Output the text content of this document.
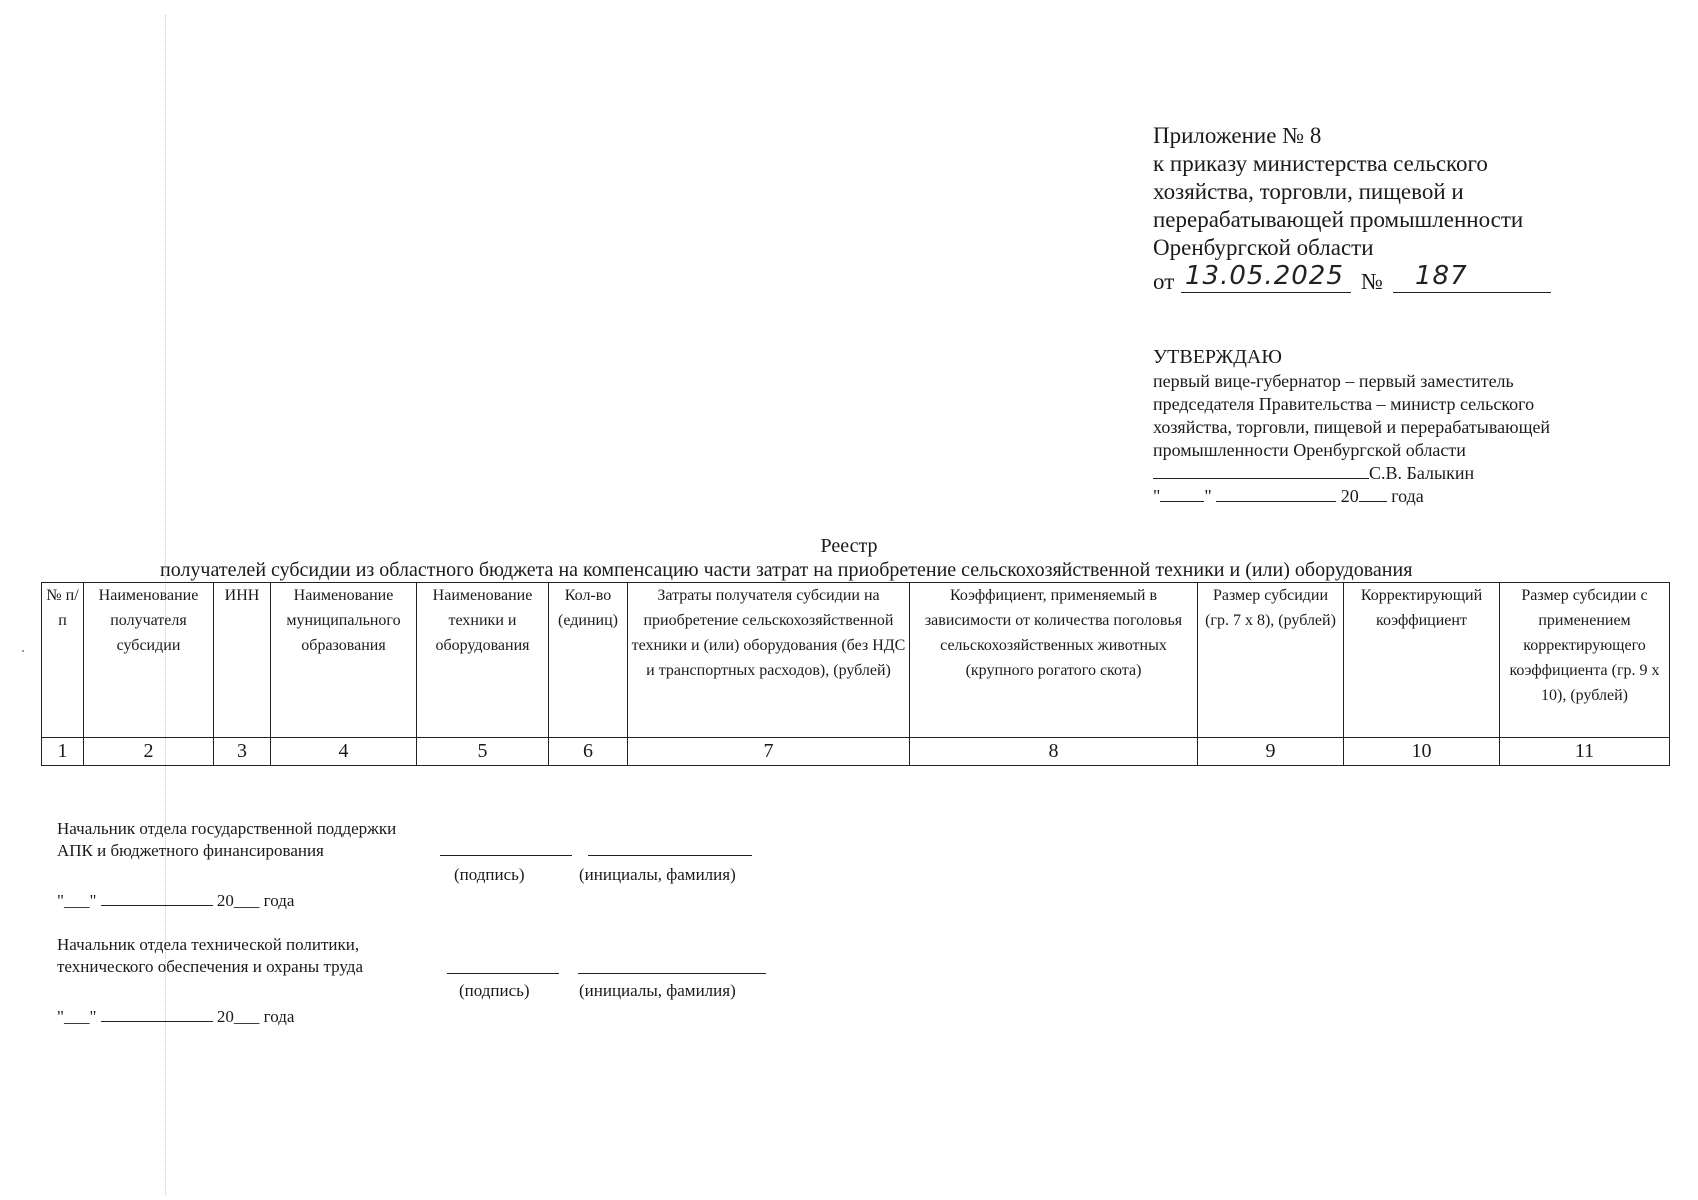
Приложение № 8
к приказу министерства сельского
хозяйства, торговли, пищевой и
перерабатывающей промышленности
Оренбургской области
от 13.05.2025 № 187
УТВЕРЖДАЮ
первый вице-губернатор – первый заместитель
председателя Правительства – министр сельского
хозяйства, торговли, пищевой и перерабатывающей
промышленности Оренбургской области
С.В. Балыкин
" "	20 года
Реестр
получателей субсидии из областного бюджета на компенсацию части затрат на приобретение сельскохозяйственной техники и (или) оборудования
№ п/п	Наименование получателя субсидии	ИНН	Наименование муниципального образования	Наименование техники и оборудования	Кол-во (единиц)	Затраты получателя субсидии на приобретение сельскохозяйственной техники и (или) оборудования (без НДС и транспортных расходов), (рублей)	Коэффициент, применяемый в зависимости от количества поголовья сельскохозяйственных животных (крупного рогатого скота)	Размер субсидии (гр. 7 x 8), (рублей)	Корректирующий коэффициент	Размер субсидии с применением корректирующего коэффициента (гр. 9 x 10), (рублей)
1	2	3	4	5	6	7	8	9	10	11
Начальник отдела государственной поддержки
АПК и бюджетного финансирования
(подпись)	(инициалы, фамилия)
"___"	20___ года
Начальник отдела технической политики,
технического обеспечения и охраны труда
(подпись)	(инициалы, фамилия)
"___"	20___ года
